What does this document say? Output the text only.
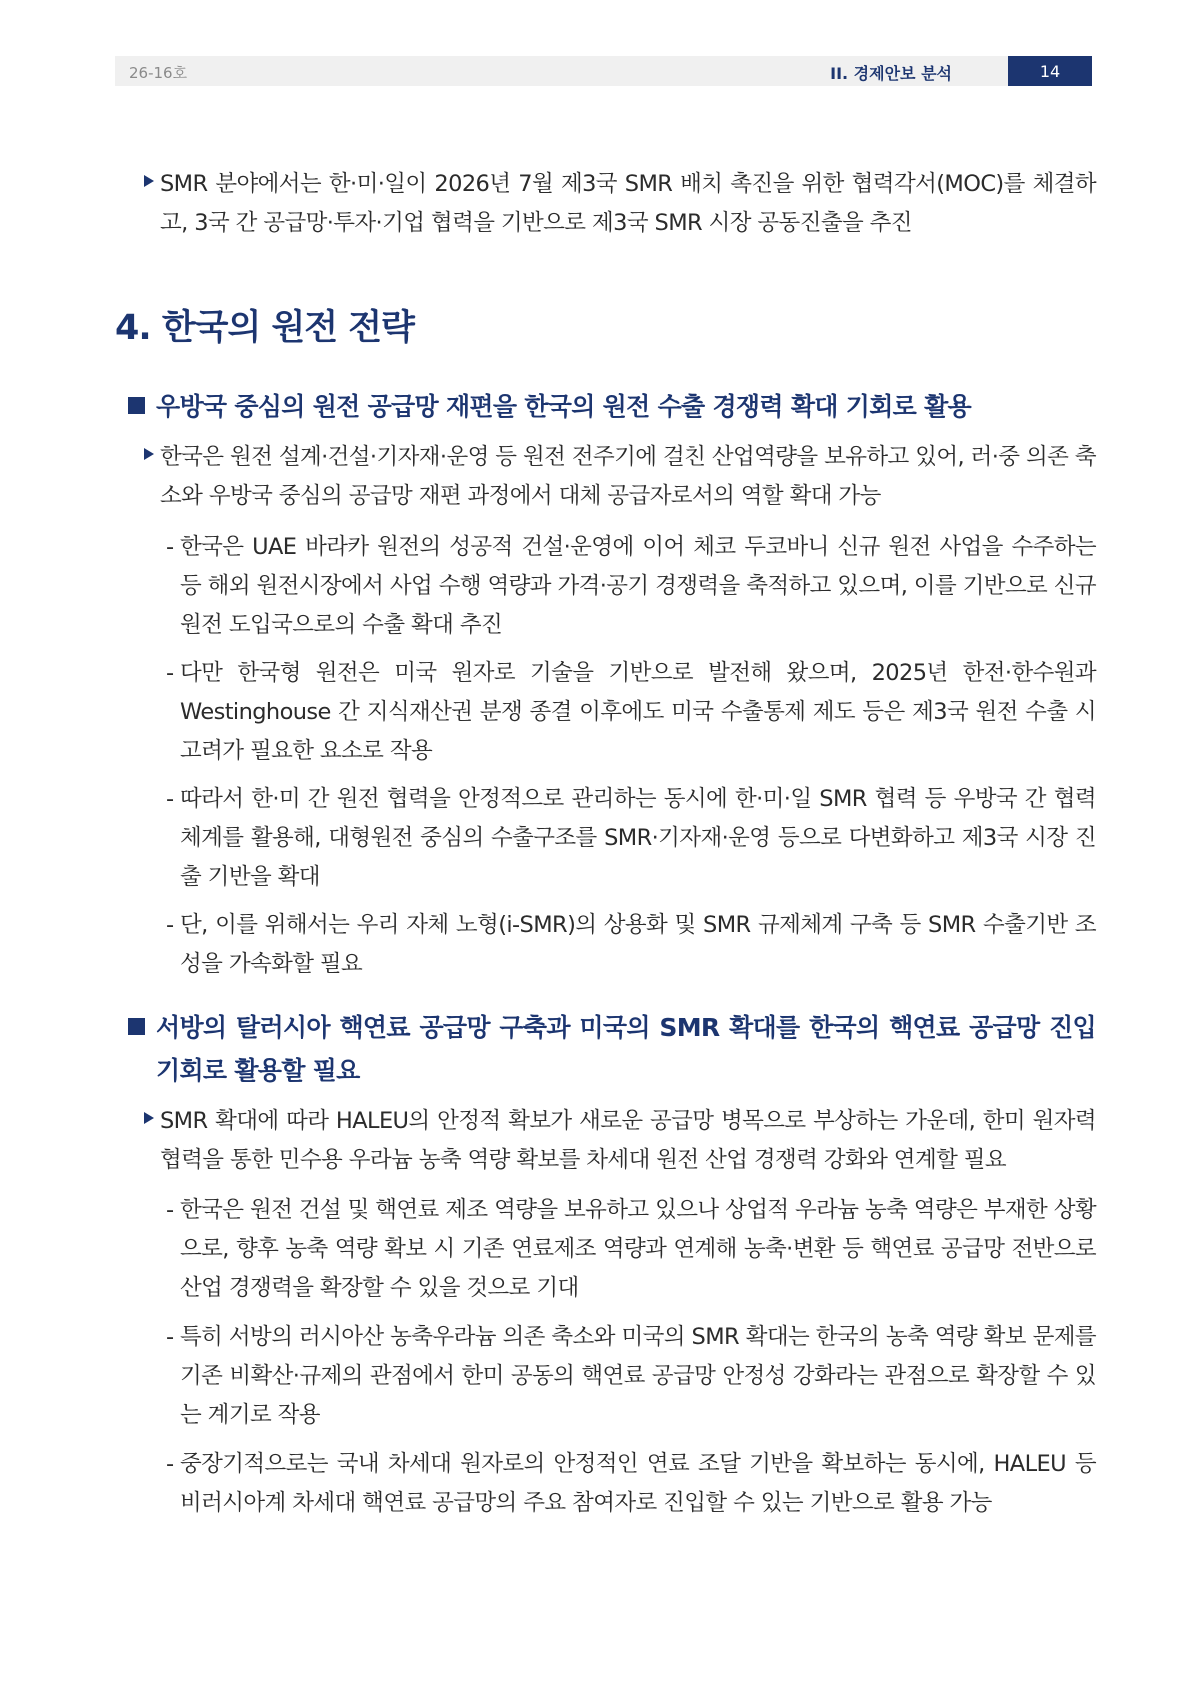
26-16호	II. 경제안보 분석	14
SMR 분야에서는 한·미·일이 2026년 7월 제3국 SMR 배치 촉진을 위한 협력각서(MOC)를 체결하고, 3국 간 공급망·투자·기업 협력을 기반으로 제3국 SMR 시장 공동진출을 추진
4. 한국의 원전 전략
우방국 중심의 원전 공급망 재편을 한국의 원전 수출 경쟁력 확대 기회로 활용
한국은 원전 설계·건설·기자재·운영 등 원전 전주기에 걸친 산업역량을 보유하고 있어, 러·중 의존 축소와 우방국 중심의 공급망 재편 과정에서 대체 공급자로서의 역할 확대 가능
- 한국은 UAE 바라카 원전의 성공적 건설·운영에 이어 체코 두코바니 신규 원전 사업을 수주하는 등 해외 원전시장에서 사업 수행 역량과 가격·공기 경쟁력을 축적하고 있으며, 이를 기반으로 신규 원전 도입국으로의 수출 확대 추진
- 다만 한국형 원전은 미국 원자로 기술을 기반으로 발전해 왔으며, 2025년 한전·한수원과 Westinghouse 간 지식재산권 분쟁 종결 이후에도 미국 수출통제 제도 등은 제3국 원전 수출 시 고려가 필요한 요소로 작용
- 따라서 한·미 간 원전 협력을 안정적으로 관리하는 동시에 한·미·일 SMR 협력 등 우방국 간 협력체계를 활용해, 대형원전 중심의 수출구조를 SMR·기자재·운영 등으로 다변화하고 제3국 시장 진출 기반을 확대
- 단, 이를 위해서는 우리 자체 노형(i-SMR)의 상용화 및 SMR 규제체계 구축 등 SMR 수출기반 조성을 가속화할 필요
서방의 탈러시아 핵연료 공급망 구축과 미국의 SMR 확대를 한국의 핵연료 공급망 진입 기회로 활용할 필요
SMR 확대에 따라 HALEU의 안정적 확보가 새로운 공급망 병목으로 부상하는 가운데, 한미 원자력협력을 통한 민수용 우라늄 농축 역량 확보를 차세대 원전 산업 경쟁력 강화와 연계할 필요
- 한국은 원전 건설 및 핵연료 제조 역량을 보유하고 있으나 상업적 우라늄 농축 역량은 부재한 상황으로, 향후 농축 역량 확보 시 기존 연료제조 역량과 연계해 농축·변환 등 핵연료 공급망 전반으로 산업 경쟁력을 확장할 수 있을 것으로 기대
- 특히 서방의 러시아산 농축우라늄 의존 축소와 미국의 SMR 확대는 한국의 농축 역량 확보 문제를 기존 비확산·규제의 관점에서 한미 공동의 핵연료 공급망 안정성 강화라는 관점으로 확장할 수 있는 계기로 작용
- 중장기적으로는 국내 차세대 원자로의 안정적인 연료 조달 기반을 확보하는 동시에, HALEU 등 비러시아계 차세대 핵연료 공급망의 주요 참여자로 진입할 수 있는 기반으로 활용 가능
